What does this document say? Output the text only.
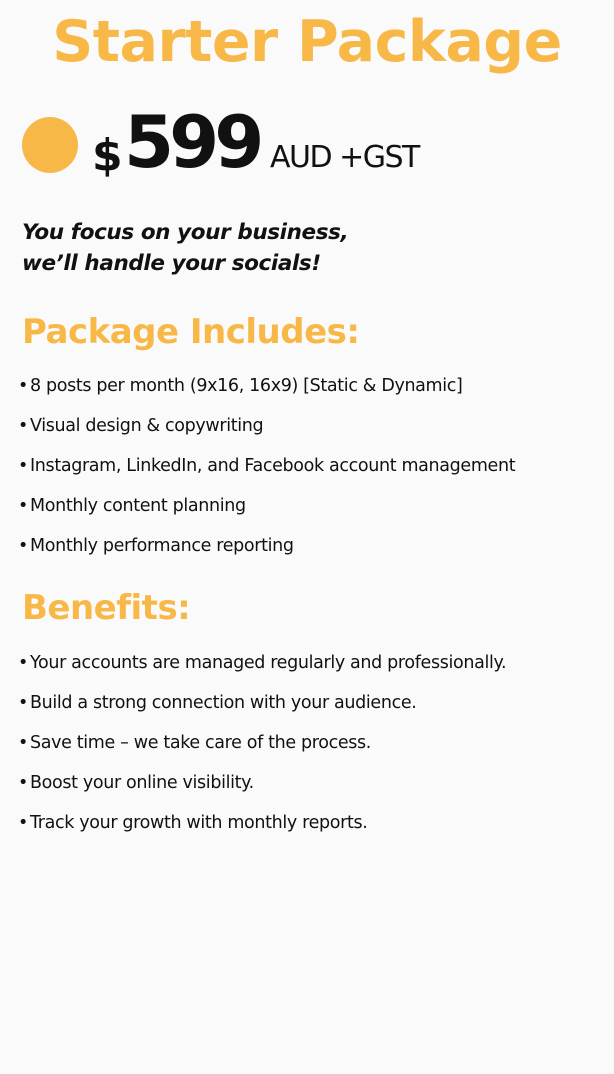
Starter Package
$ 599 AUD +GST
You focus on your business,
we’ll handle your socials!
Package Includes:
• 8 posts per month (9x16, 16x9) [Static & Dynamic]
• Visual design & copywriting
• Instagram, LinkedIn, and Facebook account management
• Monthly content planning
• Monthly performance reporting
Benefits:
• Your accounts are managed regularly and professionally.
• Build a strong connection with your audience.
• Save time – we take care of the process.
• Boost your online visibility.
• Track your growth with monthly reports.
